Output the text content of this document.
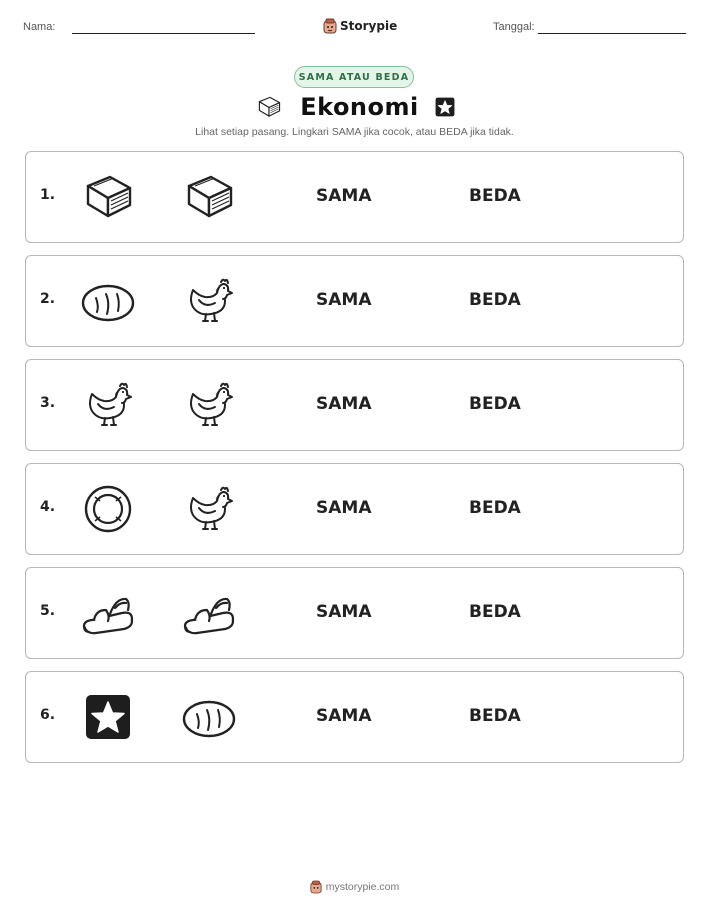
Nama:	Storypie	Tanggal:
SAMA ATAU BEDA
Ekonomi
Lihat setiap pasang. Lingkari SAMA jika cocok, atau BEDA jika tidak.
1.	SAMA	BEDA
2.	SAMA	BEDA
3.	SAMA	BEDA
4.	SAMA	BEDA
5.	SAMA	BEDA
6.	SAMA	BEDA
mystorypie.com
